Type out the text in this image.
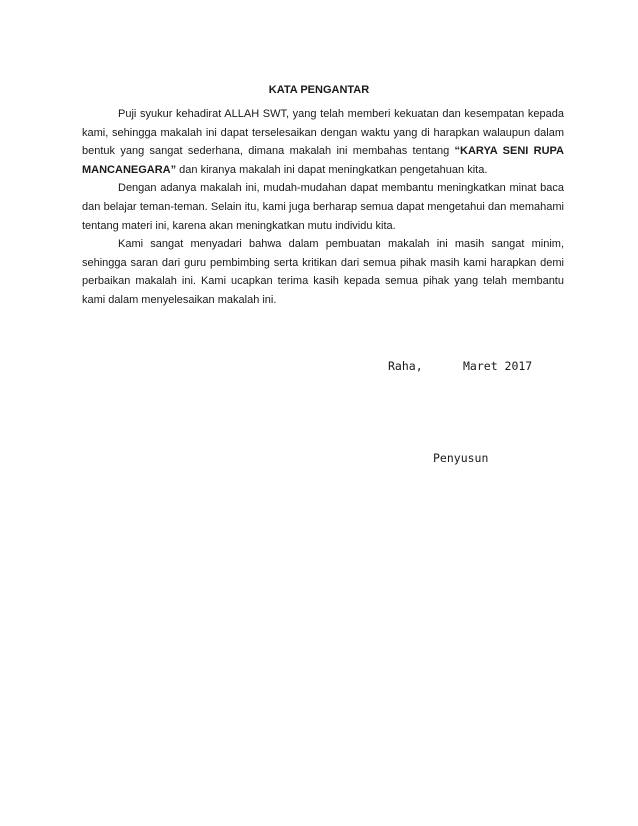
KATA PENGANTAR

Puji syukur kehadirat ALLAH SWT, yang telah memberi kekuatan dan kesempatan kepada kami, sehingga makalah ini dapat terselesaikan dengan waktu yang di harapkan walaupun dalam bentuk yang sangat sederhana, dimana makalah ini membahas tentang “KARYA SENI RUPA MANCANEGARA” dan kiranya makalah ini dapat meningkatkan pengetahuan kita.

Dengan adanya makalah ini, mudah-mudahan dapat membantu meningkatkan minat baca dan belajar teman-teman. Selain itu, kami juga berharap semua dapat mengetahui dan memahami tentang materi ini, karena akan meningkatkan mutu individu kita.

Kami sangat menyadari bahwa dalam pembuatan makalah ini masih sangat minim, sehingga saran dari guru pembimbing serta kritikan dari semua pihak masih kami harapkan demi perbaikan makalah ini. Kami ucapkan terima kasih kepada semua pihak yang telah membantu kami dalam menyelesaikan makalah ini.

Raha,	Maret 2017
Penyusun
